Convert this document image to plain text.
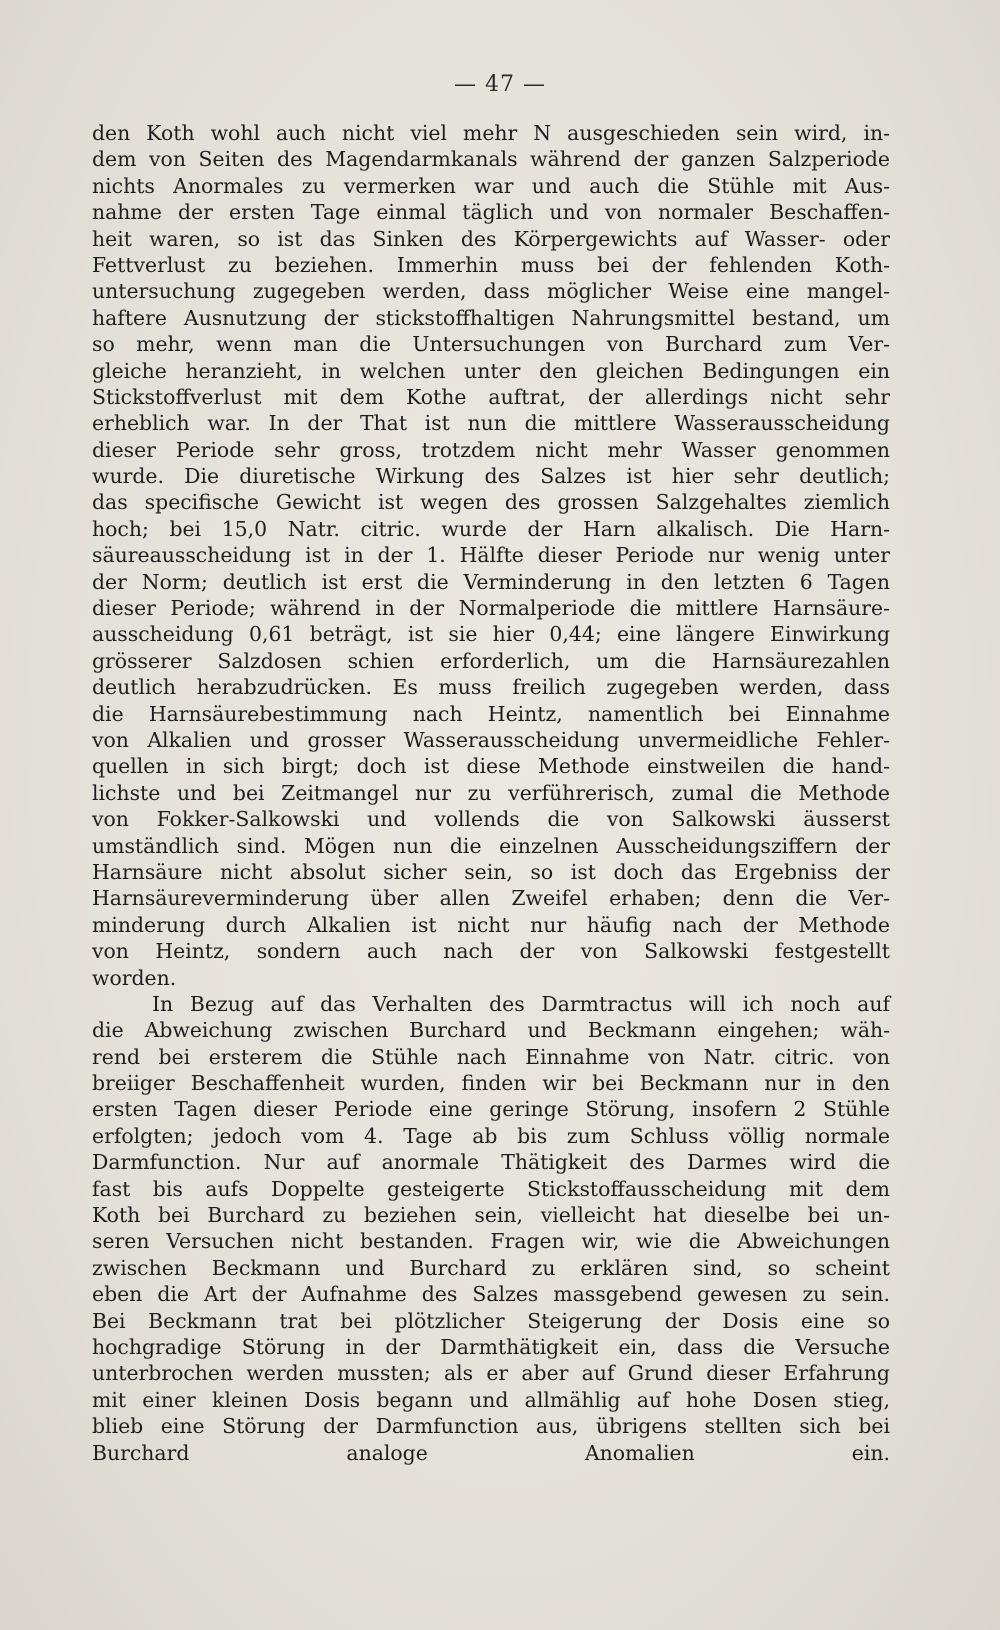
— 47 —
den Koth wohl auch nicht viel mehr N ausgeschieden sein wird, in-
dem von Seiten des Magendarmkanals während der ganzen Salzperiode
nichts Anormales zu vermerken war und auch die Stühle mit Aus-
nahme der ersten Tage einmal täglich und von normaler Beschaffen-
heit waren, so ist das Sinken des Körpergewichts auf Wasser- oder
Fettverlust zu beziehen. Immerhin muss bei der fehlenden Koth-
untersuchung zugegeben werden, dass möglicher Weise eine mangel-
haftere Ausnutzung der stickstoffhaltigen Nahrungsmittel bestand, um
so mehr, wenn man die Untersuchungen von Burchard zum Ver-
gleiche heranzieht, in welchen unter den gleichen Bedingungen ein
Stickstoffverlust mit dem Kothe auftrat, der allerdings nicht sehr
erheblich war. In der That ist nun die mittlere Wasserausscheidung
dieser Periode sehr gross, trotzdem nicht mehr Wasser genommen
wurde. Die diuretische Wirkung des Salzes ist hier sehr deutlich;
das specifische Gewicht ist wegen des grossen Salzgehaltes ziemlich
hoch; bei 15,0 Natr. citric. wurde der Harn alkalisch. Die Harn-
säureausscheidung ist in der 1. Hälfte dieser Periode nur wenig unter
der Norm; deutlich ist erst die Verminderung in den letzten 6 Tagen
dieser Periode; während in der Normalperiode die mittlere Harnsäure-
ausscheidung 0,61 beträgt, ist sie hier 0,44; eine längere Einwirkung
grösserer Salzdosen schien erforderlich, um die Harnsäurezahlen
deutlich herabzudrücken. Es muss freilich zugegeben werden, dass
die Harnsäurebestimmung nach Heintz, namentlich bei Einnahme
von Alkalien und grosser Wasserausscheidung unvermeidliche Fehler-
quellen in sich birgt; doch ist diese Methode einstweilen die hand-
lichste und bei Zeitmangel nur zu verführerisch, zumal die Methode
von Fokker-Salkowski und vollends die von Salkowski äusserst
umständlich sind. Mögen nun die einzelnen Ausscheidungsziffern der
Harnsäure nicht absolut sicher sein, so ist doch das Ergebniss der
Harnsäureverminderung über allen Zweifel erhaben; denn die Ver-
minderung durch Alkalien ist nicht nur häufig nach der Methode
von Heintz, sondern auch nach der von Salkowski festgestellt
worden.
In Bezug auf das Verhalten des Darmtractus will ich noch auf
die Abweichung zwischen Burchard und Beckmann eingehen; wäh-
rend bei ersterem die Stühle nach Einnahme von Natr. citric. von
breiiger Beschaffenheit wurden, finden wir bei Beckmann nur in den
ersten Tagen dieser Periode eine geringe Störung, insofern 2 Stühle
erfolgten; jedoch vom 4. Tage ab bis zum Schluss völlig normale
Darmfunction. Nur auf anormale Thätigkeit des Darmes wird die
fast bis aufs Doppelte gesteigerte Stickstoffausscheidung mit dem
Koth bei Burchard zu beziehen sein, vielleicht hat dieselbe bei un-
seren Versuchen nicht bestanden. Fragen wir, wie die Abweichungen
zwischen Beckmann und Burchard zu erklären sind, so scheint
eben die Art der Aufnahme des Salzes massgebend gewesen zu sein.
Bei Beckmann trat bei plötzlicher Steigerung der Dosis eine so
hochgradige Störung in der Darmthätigkeit ein, dass die Versuche
unterbrochen werden mussten; als er aber auf Grund dieser Erfahrung
mit einer kleinen Dosis begann und allmählig auf hohe Dosen stieg,
blieb eine Störung der Darmfunction aus, übrigens stellten sich bei
Burchard analoge Anomalien ein.
